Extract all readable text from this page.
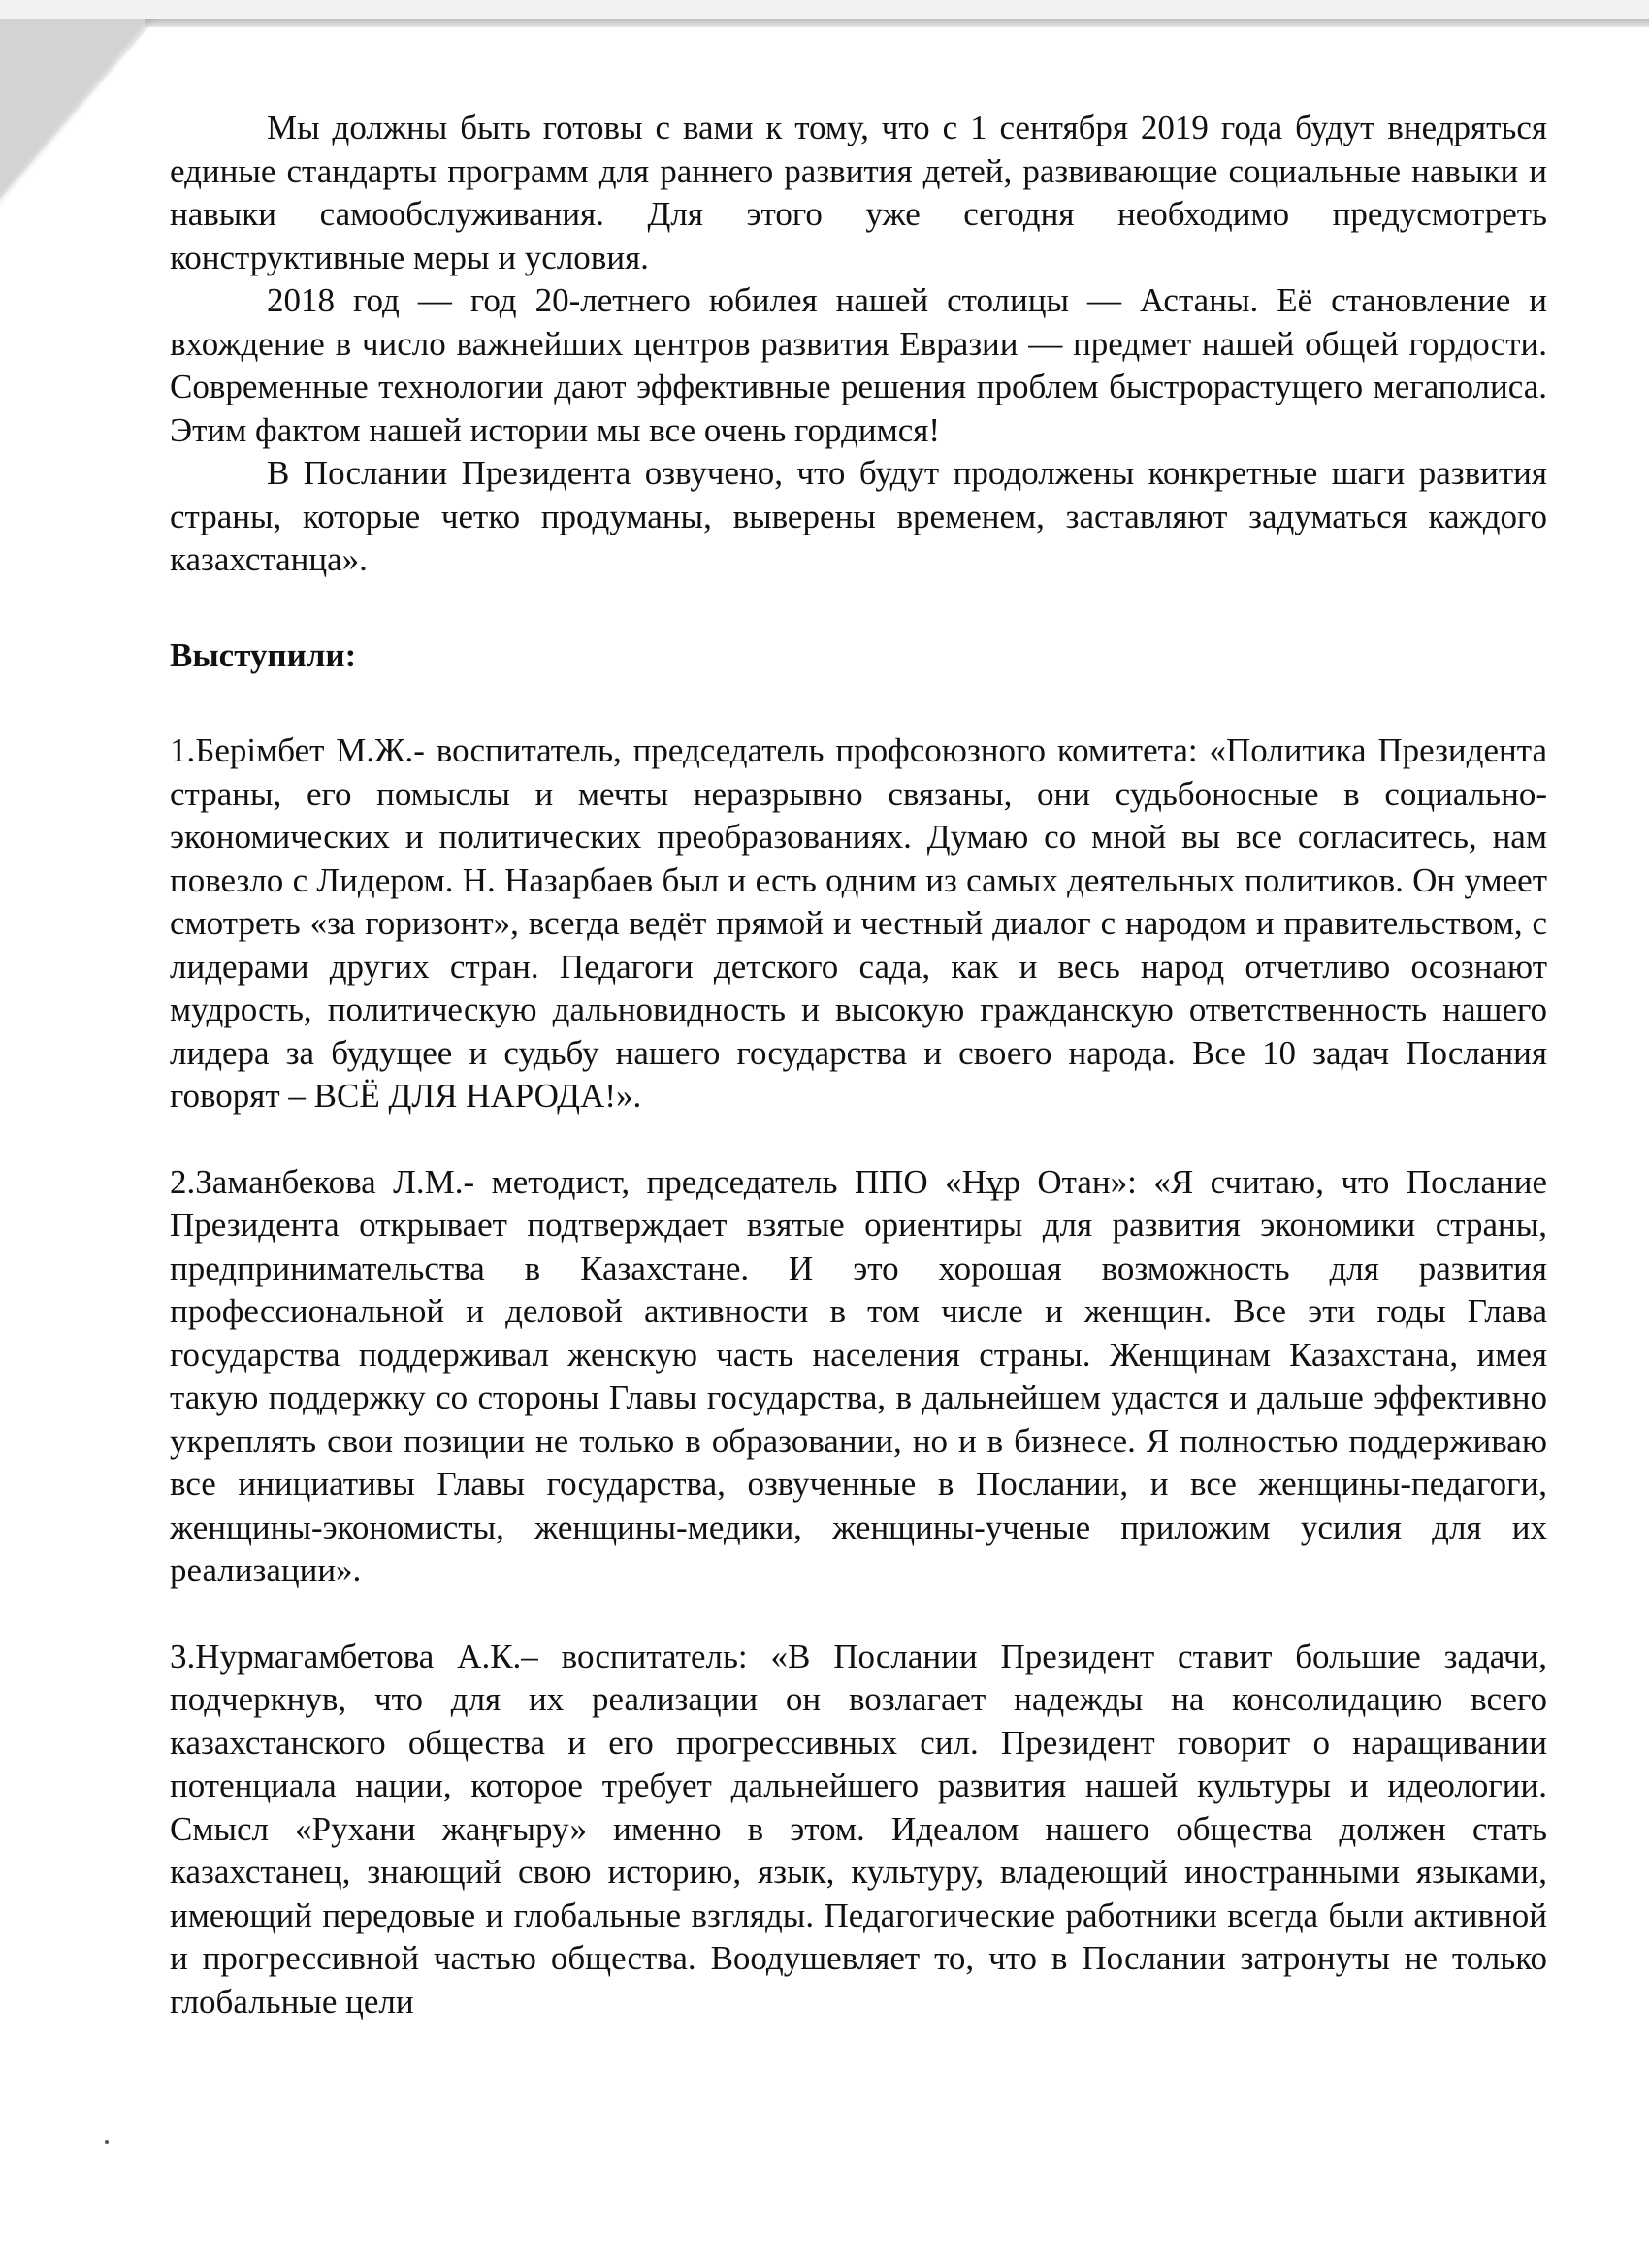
Мы должны быть готовы с вами к тому, что с 1 сентября 2019 года будут внедряться единые стандарты программ для раннего развития детей, развивающие социальные навыки и навыки самообслуживания. Для этого уже сегодня необходимо предусмотреть конструктивные меры и условия.

2018 год — год 20-летнего юбилея нашей столицы — Астаны. Её становление и вхождение в число важнейших центров развития Евразии — предмет нашей общей гордости. Современные технологии дают эффективные решения проблем быстрорастущего мегаполиса. Этим фактом нашей истории мы все очень гордимся!

В Послании Президента озвучено, что будут продолжены конкретные шаги развития страны, которые четко продуманы, выверены временем, заставляют задуматься каждого казахстанца».

Выступили:

1.Берімбет М.Ж.- воспитатель, председатель профсоюзного комитета: «Политика Президента страны, его помыслы и мечты неразрывно связаны, они судьбоносные в социально-экономических и политических преобразованиях. Думаю со мной вы все согласитесь, нам повезло с Лидером. Н. Назарбаев был и есть одним из самых деятельных политиков. Он умеет смотреть «за горизонт», всегда ведёт прямой и честный диалог с народом и правительством, с лидерами других стран. Педагоги детского сада, как и весь народ отчетливо осознают мудрость, политическую дальновидность и высокую гражданскую ответственность нашего лидера за будущее и судьбу нашего государства и своего народа. Все 10 задач Послания говорят – ВСЁ ДЛЯ НАРОДА!».

2.Заманбекова Л.М.- методист, председатель ППО «Нұр Отан»: «Я считаю, что Послание Президента открывает подтверждает взятые ориентиры для развития экономики страны, предпринимательства в Казахстане. И это хорошая возможность для развития профессиональной и деловой активности в том числе и женщин. Все эти годы Глава государства поддерживал женскую часть населения страны. Женщинам Казахстана, имея такую поддержку со стороны Главы государства, в дальнейшем удастся и дальше эффективно укреплять свои позиции не только в образовании, но и в бизнесе. Я полностью поддерживаю все инициативы Главы государства, озвученные в Послании, и все женщины-педагоги, женщины-экономисты, женщины-медики, женщины-ученые приложим усилия для их реализации».

3.Нурмагамбетова А.К.– воспитатель: «В Послании Президент ставит большие задачи, подчеркнув, что для их реализации он возлагает надежды на консолидацию всего казахстанского общества и его прогрессивных сил. Президент говорит о наращивании потенциала нации, которое требует дальнейшего развития нашей культуры и идеологии. Смысл «Рухани жаңғыру» именно в этом. Идеалом нашего общества должен стать казахстанец, знающий свою историю, язык, культуру, владеющий иностранными языками, имеющий передовые и глобальные взгляды. Педагогические работники всегда были активной и прогрессивной частью общества. Воодушевляет то, что в Послании затронуты не только глобальные цели
